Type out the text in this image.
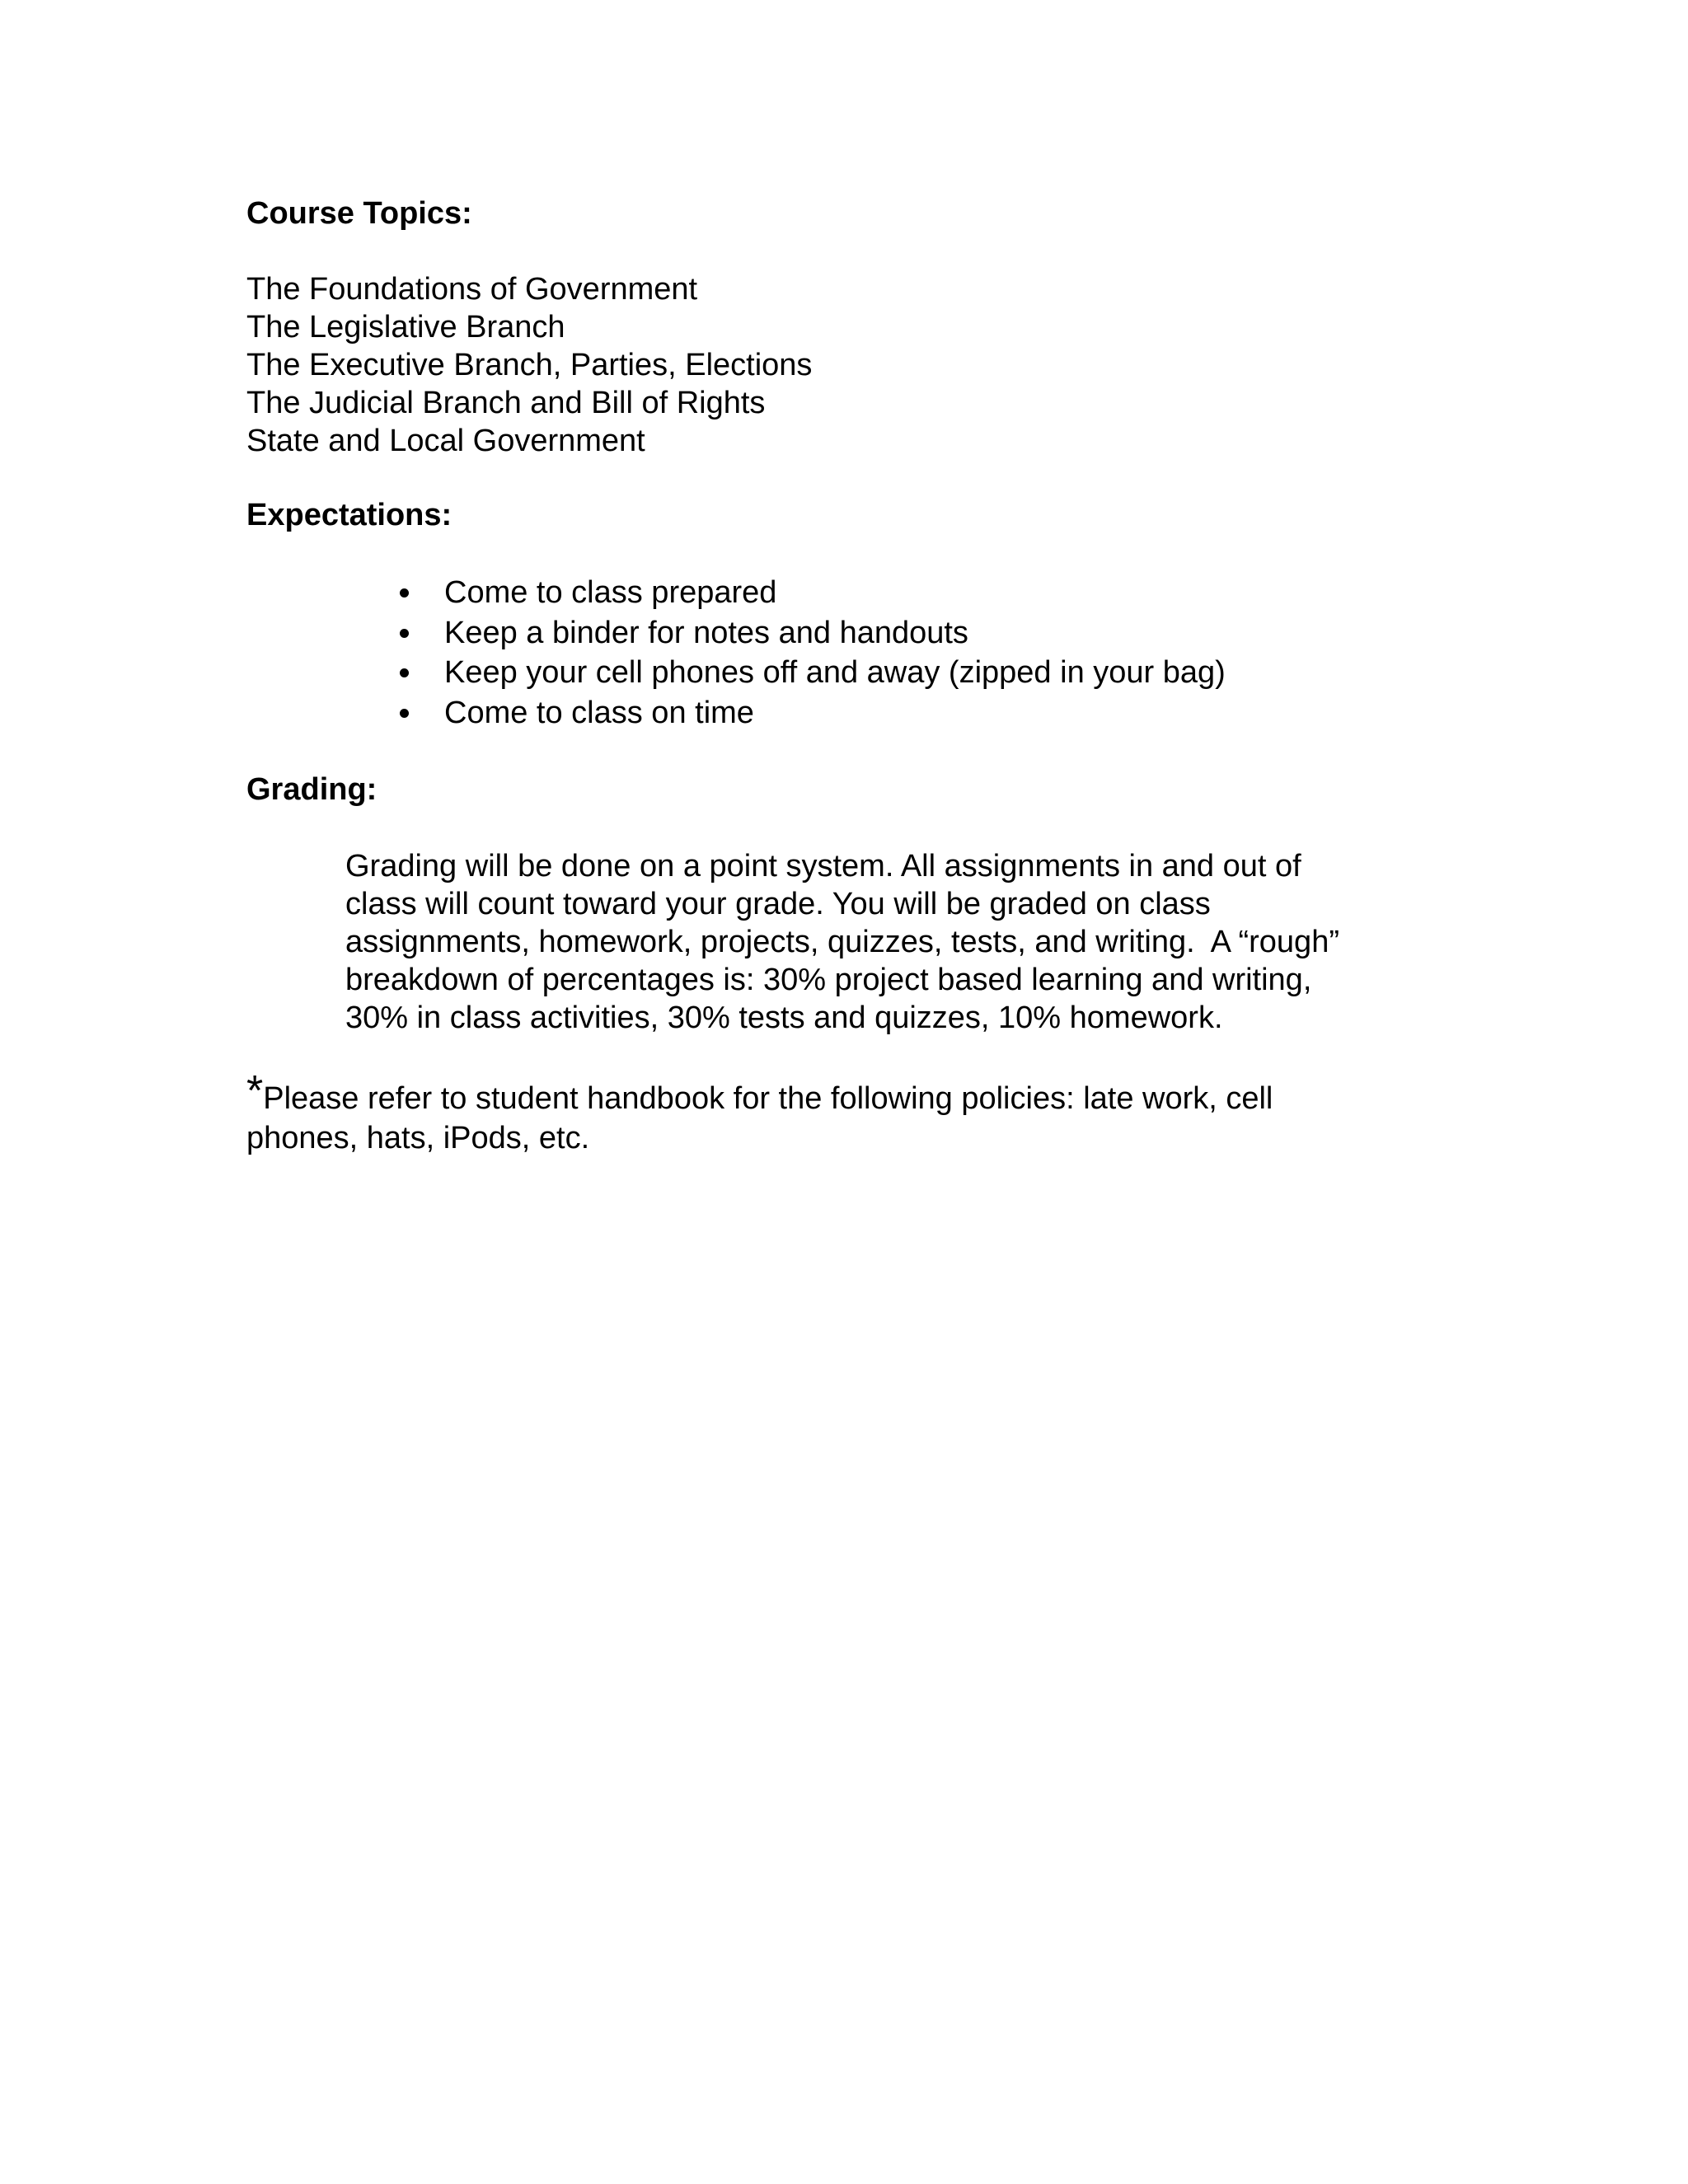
Course Topics:
The Foundations of Government
The Legislative Branch
The Executive Branch, Parties, Elections
The Judicial Branch and Bill of Rights
State and Local Government
Expectations:
Come to class prepared
Keep a binder for notes and handouts
Keep your cell phones off and away (zipped in your bag)
Come to class on time
Grading:

Grading will be done on a point system. All assignments in and out of
class will count toward your grade. You will be graded on class
assignments, homework, projects, quizzes, tests, and writing.  A “rough”
breakdown of percentages is: 30% project based learning and writing,
30% in class activities, 30% tests and quizzes, 10% homework.

*Please refer to student handbook for the following policies: late work, cell
phones, hats, iPods, etc.
